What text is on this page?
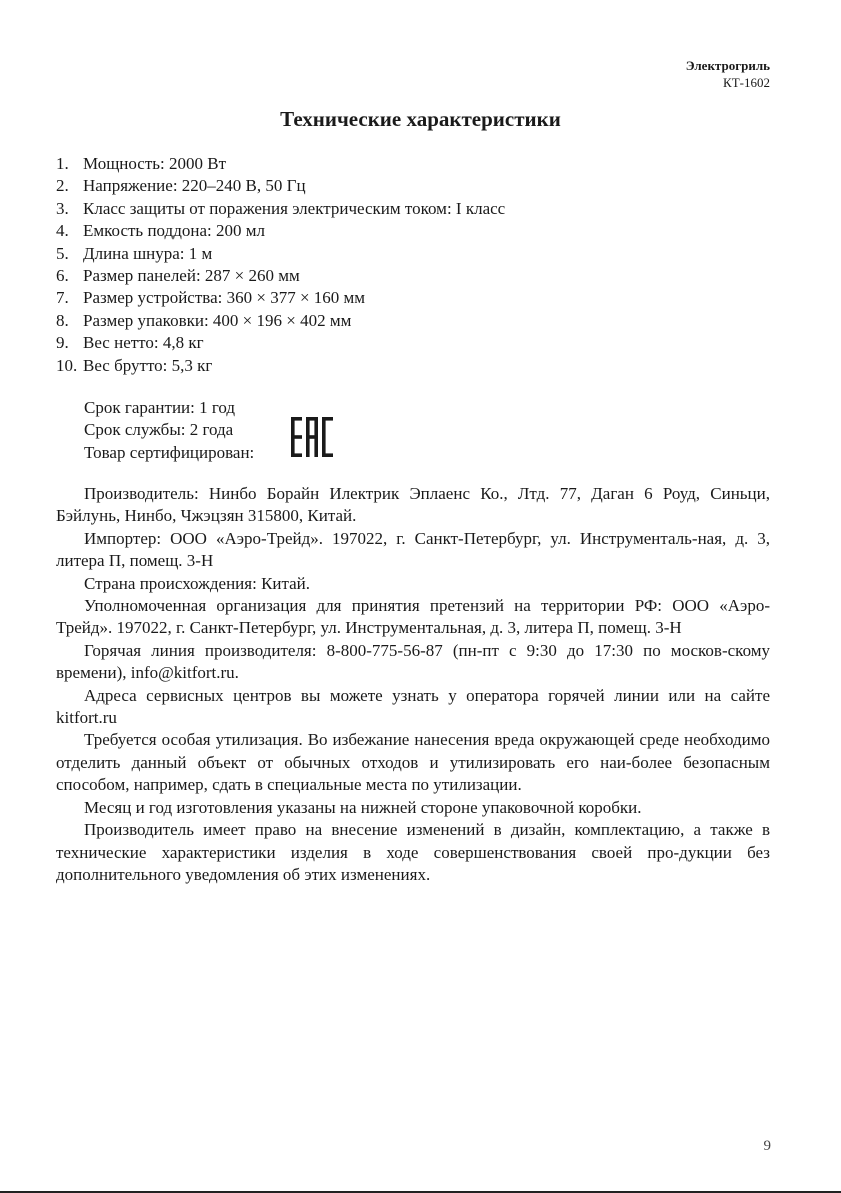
Электрогриль
КТ-1602
Технические характеристики
1. Мощность: 2000 Вт
2. Напряжение: 220–240 В, 50 Гц
3. Класс защиты от поражения электрическим током: I класс
4. Емкость поддона: 200 мл
5. Длина шнура: 1 м
6. Размер панелей: 287 × 260 мм
7. Размер устройства: 360 × 377 × 160 мм
8. Размер упаковки: 400 × 196 × 402 мм
9. Вес нетто: 4,8 кг
10. Вес брутто: 5,3 кг
Срок гарантии: 1 год
Срок службы: 2 года
Товар сертифицирован:

Производитель: Нинбо Борайн Илектрик Эплаенс Ко., Лтд. 77, Даган 6 Роуд, Синьци, Бэйлунь, Нинбо, Чжэцзян 315800, Китай.

Импортер: ООО «Аэро-Трейд». 197022, г. Санкт-Петербург, ул. Инструменталь-ная, д. 3, литера П, помещ. 3-Н

Страна происхождения: Китай.

Уполномоченная организация для принятия претензий на территории РФ: ООО «Аэро-Трейд». 197022, г. Санкт-Петербург, ул. Инструментальная, д. 3, литера П, помещ. 3-Н

Горячая линия производителя: 8-800-775-56-87 (пн-пт с 9:30 до 17:30 по москов-скому времени), info@kitfort.ru.

Адреса сервисных центров вы можете узнать у оператора горячей линии или на сайте kitfort.ru

Требуется особая утилизация. Во избежание нанесения вреда окружающей среде необходимо отделить данный объект от обычных отходов и утилизировать его наи-более безопасным способом, например, сдать в специальные места по утилизации.

Месяц и год изготовления указаны на нижней стороне упаковочной коробки.

Производитель имеет право на внесение изменений в дизайн, комплектацию, а также в технические характеристики изделия в ходе совершенствования своей про-дукции без дополнительного уведомления об этих изменениях.

9
